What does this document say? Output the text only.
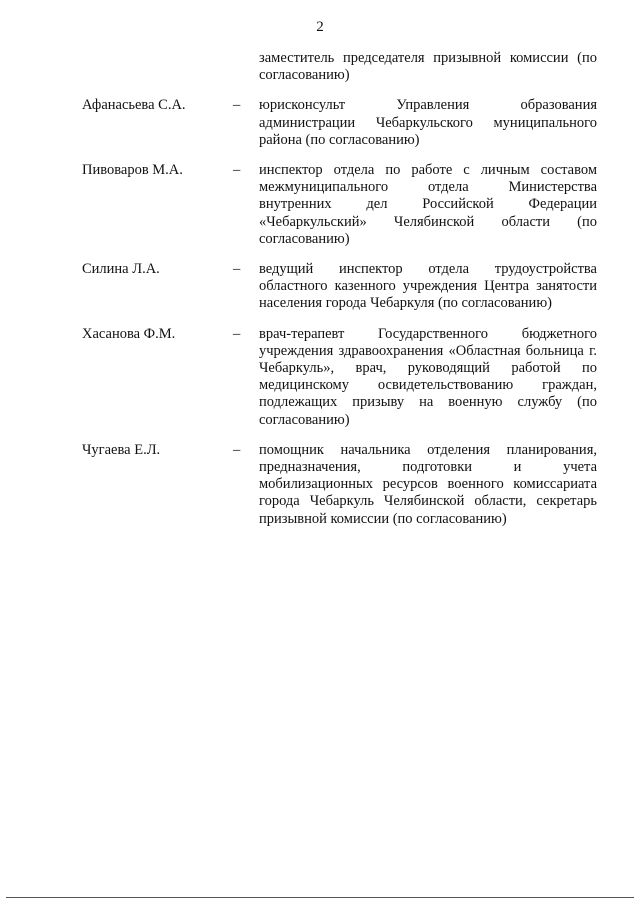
2
заместитель председателя призывной комиссии (по согласованию)
Афанасьева С.А.	– юрисконсульт Управления образования администрации Чебаркульского муниципального района (по согласованию)
Пивоваров М.А.	– инспектор отдела по работе с личным составом межмуниципального отдела Министерства внутренних дел Российской Федерации «Чебаркульский» Челябинской области (по согласованию)
Силина Л.А.	– ведущий инспектор отдела трудоустройства областного казенного учреждения Центра занятости населения города Чебаркуля (по согласованию)
Хасанова Ф.М.	– врач-терапевт Государственного бюджетного учреждения здравоохранения «Областная больница г. Чебаркуль», врач, руководящий работой по медицинскому освидетельствованию граждан, подлежащих призыву на военную службу (по согласованию)
Чугаева Е.Л.	– помощник начальника отделения планирования, предназначения, подготовки и учета мобилизационных ресурсов военного комиссариата города Чебаркуль Челябинской области, секретарь призывной комиссии (по согласованию)
